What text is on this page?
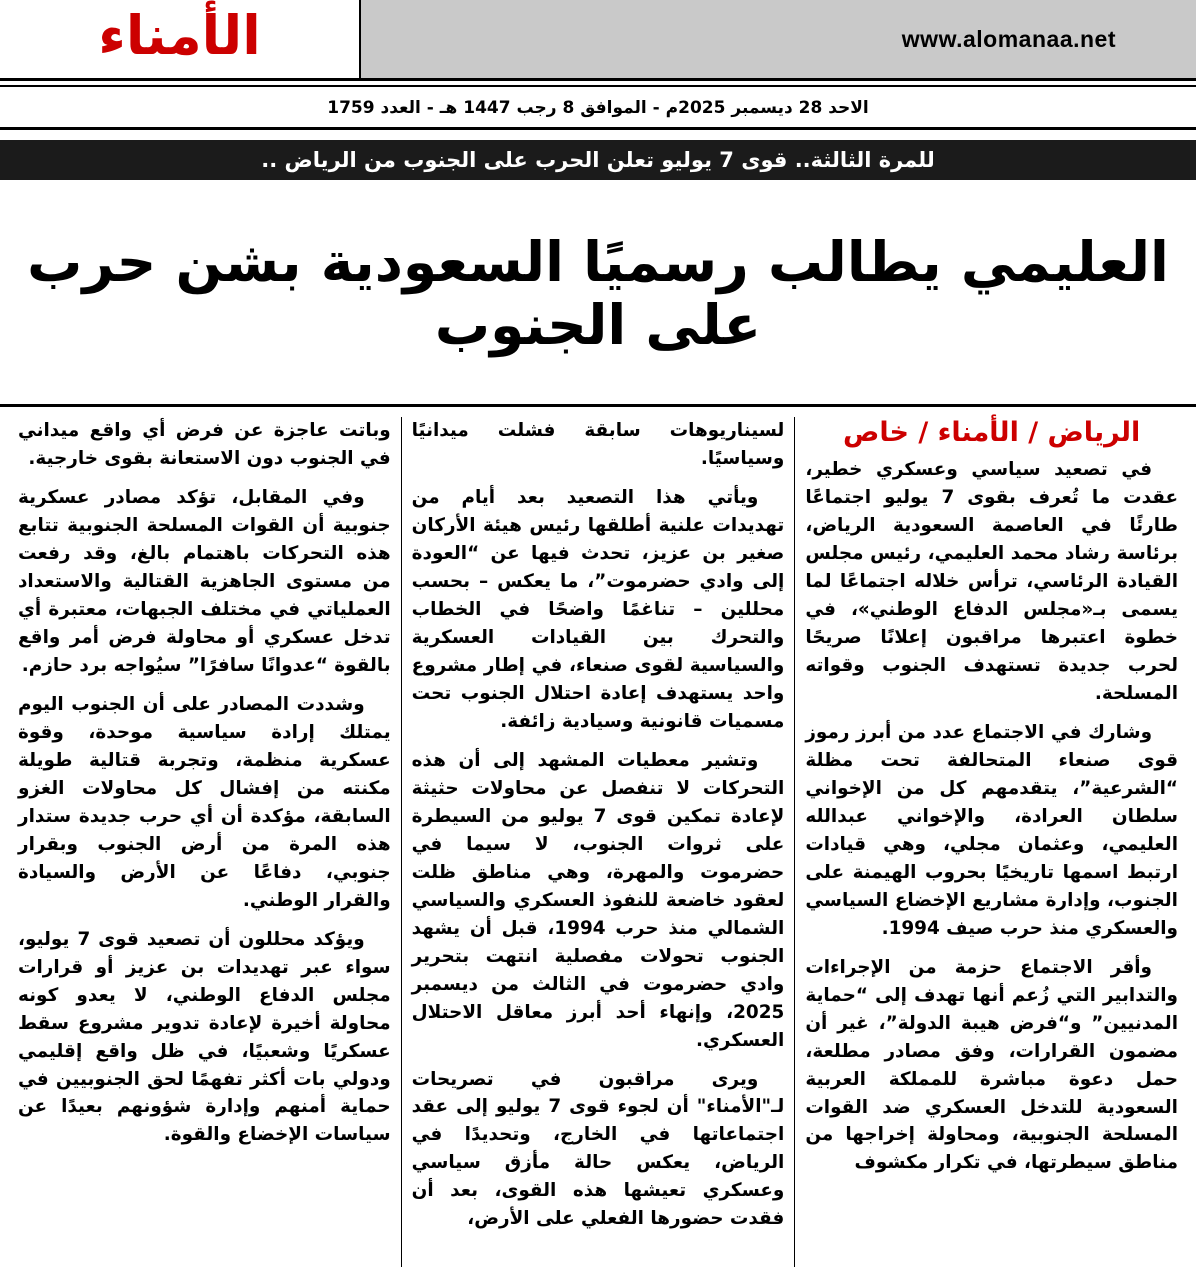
www.alomanaa.net
الأمناء
الاحد 28 ديسمبر 2025م - الموافق 8 رجب 1447 هـ - العدد 1759
للمرة الثالثة.. قوى 7 يوليو تعلن الحرب على الجنوب من الرياض ..
العليمي يطالب رسميًا السعودية بشن حرب على الجنوب
الرياض / الأمناء / خاص

في تصعيد سياسي وعسكري خطير، عقدت ما تُعرف بقوى 7 يوليو اجتماعًا طارئًا في العاصمة السعودية الرياض، برئاسة رشاد محمد العليمي، رئيس مجلس القيادة الرئاسي، ترأس خلاله اجتماعًا لما يسمى بـ«مجلس الدفاع الوطني»، في خطوة اعتبرها مراقبون إعلانًا صريحًا لحرب جديدة تستهدف الجنوب وقواته المسلحة.

وشارك في الاجتماع عدد من أبرز رموز قوى صنعاء المتحالفة تحت مظلة “الشرعية”، يتقدمهم كل من الإخواني سلطان العرادة، والإخواني عبدالله العليمي، وعثمان مجلي، وهي قيادات ارتبط اسمها تاريخيًا بحروب الهيمنة على الجنوب، وإدارة مشاريع الإخضاع السياسي والعسكري منذ حرب صيف 1994.

وأقر الاجتماع حزمة من الإجراءات والتدابير التي زُعم أنها تهدف إلى “حماية المدنيين” و“فرض هيبة الدولة”، غير أن مضمون القرارات، وفق مصادر مطلعة، حمل دعوة مباشرة للمملكة العربية السعودية للتدخل العسكري ضد القوات المسلحة الجنوبية، ومحاولة إخراجها من مناطق سيطرتها، في تكرار مكشوف

لسيناريوهات سابقة فشلت ميدانيًا وسياسيًا.

ويأتي هذا التصعيد بعد أيام من تهديدات علنية أطلقها رئيس هيئة الأركان صغير بن عزيز، تحدث فيها عن “العودة إلى وادي حضرموت”، ما يعكس – بحسب محللين – تناغمًا واضحًا في الخطاب والتحرك بين القيادات العسكرية والسياسية لقوى صنعاء، في إطار مشروع واحد يستهدف إعادة احتلال الجنوب تحت مسميات قانونية وسيادية زائفة.

وتشير معطيات المشهد إلى أن هذه التحركات لا تنفصل عن محاولات حثيثة لإعادة تمكين قوى 7 يوليو من السيطرة على ثروات الجنوب، لا سيما في حضرموت والمهرة، وهي مناطق ظلت لعقود خاضعة للنفوذ العسكري والسياسي الشمالي منذ حرب 1994، قبل أن يشهد الجنوب تحولات مفصلية انتهت بتحرير وادي حضرموت في الثالث من ديسمبر 2025، وإنهاء أحد أبرز معاقل الاحتلال العسكري.

ويرى مراقبون في تصريحات لـ"الأمناء" أن لجوء قوى 7 يوليو إلى عقد اجتماعاتها في الخارج، وتحديدًا في الرياض، يعكس حالة مأزق سياسي وعسكري تعيشها هذه القوى، بعد أن فقدت حضورها الفعلي على الأرض،

وباتت عاجزة عن فرض أي واقع ميداني في الجنوب دون الاستعانة بقوى خارجية.

وفي المقابل، تؤكد مصادر عسكرية جنوبية أن القوات المسلحة الجنوبية تتابع هذه التحركات باهتمام بالغ، وقد رفعت من مستوى الجاهزية القتالية والاستعداد العملياتي في مختلف الجبهات، معتبرة أي تدخل عسكري أو محاولة فرض أمر واقع بالقوة “عدوانًا سافرًا” سيُواجه برد حازم.

وشددت المصادر على أن الجنوب اليوم يمتلك إرادة سياسية موحدة، وقوة عسكرية منظمة، وتجربة قتالية طويلة مكنته من إفشال كل محاولات الغزو السابقة، مؤكدة أن أي حرب جديدة ستدار هذه المرة من أرض الجنوب وبقرار جنوبي، دفاعًا عن الأرض والسيادة والقرار الوطني.

ويؤكد محللون أن تصعيد قوى 7 يوليو، سواء عبر تهديدات بن عزيز أو قرارات مجلس الدفاع الوطني، لا يعدو كونه محاولة أخيرة لإعادة تدوير مشروع سقط عسكريًا وشعبيًا، في ظل واقع إقليمي ودولي بات أكثر تفهمًا لحق الجنوبيين في حماية أمنهم وإدارة شؤونهم بعيدًا عن سياسات الإخضاع والقوة.
